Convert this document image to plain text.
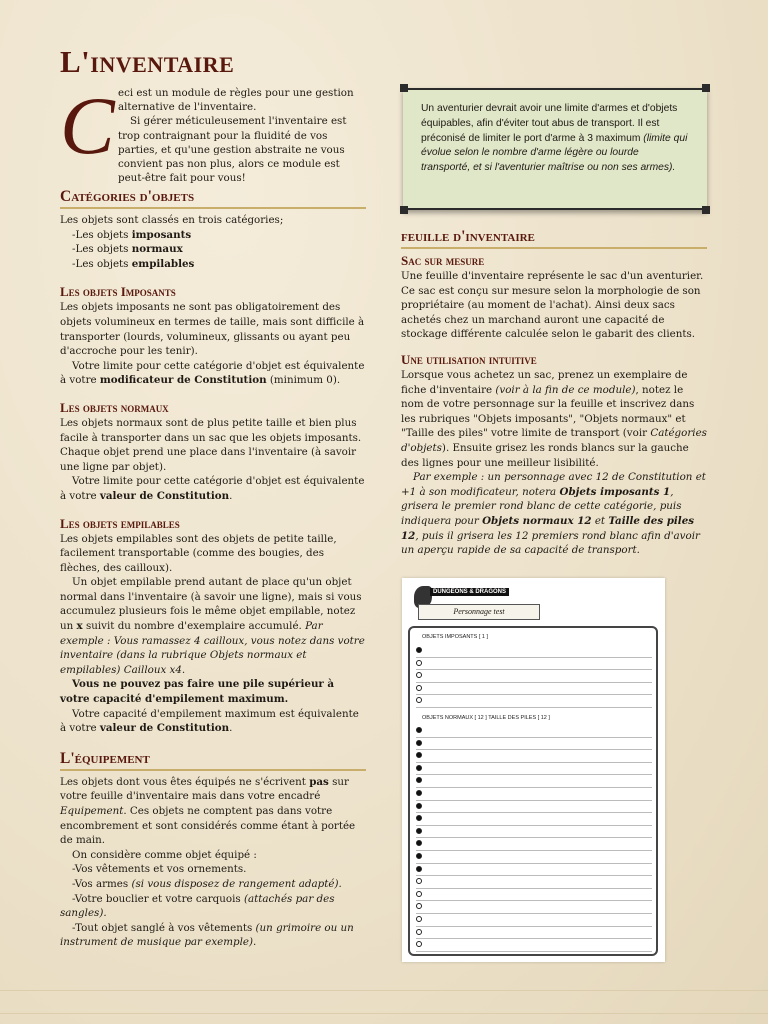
L'inventaire
C eci est un module de règles pour une gestion alternative de l'inventaire.

Si gérer méticuleusement l'inventaire est trop contraignant pour la fluidité de vos parties, et qu'une gestion abstraite ne vous convient pas non plus, alors ce module est peut-être fait pour vous!

Catégories d'objets

Les objets sont classés en trois catégories;

-Les objets imposants

-Les objets normaux

-Les objets empilables

Les objets Imposants

Les objets imposants ne sont pas obligatoirement des objets volumineux en termes de taille, mais sont difficile à transporter (lourds, volumineux, glissants ou ayant peu d'accroche pour les tenir).

Votre limite pour cette catégorie d'objet est équivalente à votre modificateur de Constitution (minimum 0).

Les objets normaux

Les objets normaux sont de plus petite taille et bien plus facile à transporter dans un sac que les objets imposants. Chaque objet prend une place dans l'inventaire (à savoir une ligne par objet).

Votre limite pour cette catégorie d'objet est équivalente à votre valeur de Constitution.

Les objets empilables

Les objets empilables sont des objets de petite taille, facilement transportable (comme des bougies, des flèches, des cailloux).

Un objet empilable prend autant de place qu'un objet normal dans l'inventaire (à savoir une ligne), mais si vous accumulez plusieurs fois le même objet empilable, notez un x suivit du nombre d'exemplaire accumulé. Par exemple : Vous ramassez 4 cailloux, vous notez dans votre inventaire (dans la rubrique Objets normaux et empilables) Cailloux x4.

Vous ne pouvez pas faire une pile supérieur à votre capacité d'empilement maximum.

Votre capacité d'empilement maximum est équivalente à votre valeur de Constitution.

L'équipement

Les objets dont vous êtes équipés ne s'écrivent pas sur votre feuille d'inventaire mais dans votre encadré Equipement. Ces objets ne comptent pas dans votre encombrement et sont considérés comme étant à portée de main.

On considère comme objet équipé :

-Vos vêtements et vos ornements.

-Vos armes (si vous disposez de rangement adapté).

-Votre bouclier et votre carquois (attachés par des sangles).

-Tout objet sanglé à vos vêtements (un grimoire ou un instrument de musique par exemple).

Un aventurier devrait avoir une limite d'armes et d'objets équipables, afin d'éviter tout abus de transport. Il est préconisé de limiter le port d'arme à 3 maximum (limite qui évolue selon le nombre d'arme légère ou lourde transporté, et si l'aventurier maîtrise ou non ses armes).
feuille d'inventaire
Sac sur mesure

Une feuille d'inventaire représente le sac d'un aventurier. Ce sac est conçu sur mesure selon la morphologie de son propriétaire (au moment de l'achat). Ainsi deux sacs achetés chez un marchand auront une capacité de stockage différente calculée selon le gabarit des clients.

Une utilisation intuitive

Lorsque vous achetez un sac, prenez un exemplaire de fiche d'inventaire (voir à la fin de ce module), notez le nom de votre personnage sur la feuille et inscrivez dans les rubriques "Objets imposants", "Objets normaux" et "Taille des piles" votre limite de transport (voir Catégories d'objets). Ensuite grisez les ronds blancs sur la gauche des lignes pour une meilleur lisibilité.

Par exemple : un personnage avec 12 de Constitution et +1 à son modificateur, notera Objets imposants 1, grisera le premier rond blanc de cette catégorie, puis indiquera pour Objets normaux 12 et Taille des piles 12, puis il grisera les 12 premiers rond blanc afin d'avoir un aperçu rapide de sa capacité de transport.

DUNGEONS & DRAGONS
Personnage test
OBJETS IMPOSANTS [ 1 ]
OBJETS NORMAUX [ 12 ] TAILLE DES PILES [ 12 ]
